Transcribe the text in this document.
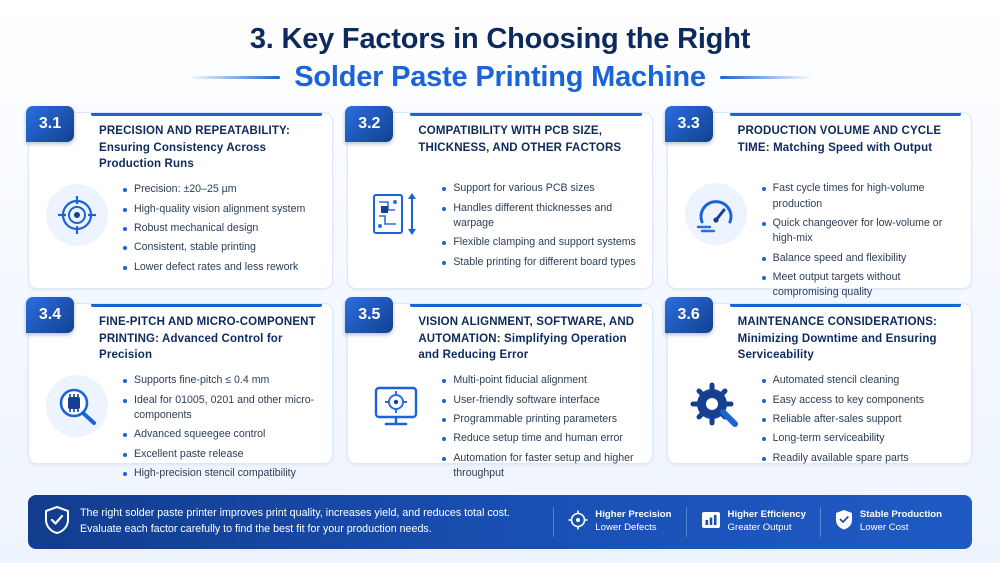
3. Key Factors in Choosing the Right
Solder Paste Printing Machine
3.1	PRECISION AND REPEATABILITY: Ensuring Consistency Across Production Runs
Precision: ±20–25 µm
High-quality vision alignment system
Robust mechanical design
Consistent, stable printing
Lower defect rates and less rework
3.2	COMPATIBILITY WITH PCB SIZE, THICKNESS, AND OTHER FACTORS
Support for various PCB sizes
Handles different thicknesses and warpage
Flexible clamping and support systems
Stable printing for different board types
3.3	PRODUCTION VOLUME AND CYCLE TIME: Matching Speed with Output
Fast cycle times for high-volume production
Quick changeover for low-volume or high-mix
Balance speed and flexibility
Meet output targets without compromising quality
3.4	FINE-PITCH AND MICRO-COMPONENT PRINTING: Advanced Control for Precision
Supports fine-pitch ≤ 0.4 mm
Ideal for 01005, 0201 and other micro-components
Advanced squeegee control
Excellent paste release
High-precision stencil compatibility
3.5	VISION ALIGNMENT, SOFTWARE, AND AUTOMATION: Simplifying Operation and Reducing Error
Multi-point fiducial alignment
User-friendly software interface
Programmable printing parameters
Reduce setup time and human error
Automation for faster setup and higher throughput
3.6	MAINTENANCE CONSIDERATIONS: Minimizing Downtime and Ensuring Serviceability
Automated stencil cleaning
Easy access to key components
Reliable after-sales support
Long-term serviceability
Readily available spare parts
The right solder paste printer improves print quality, increases yield, and reduces total cost.
Evaluate each factor carefully to find the best fit for your production needs.
Higher Precision
Lower Defects
Higher Efficiency
Greater Output
Stable Production
Lower Cost
